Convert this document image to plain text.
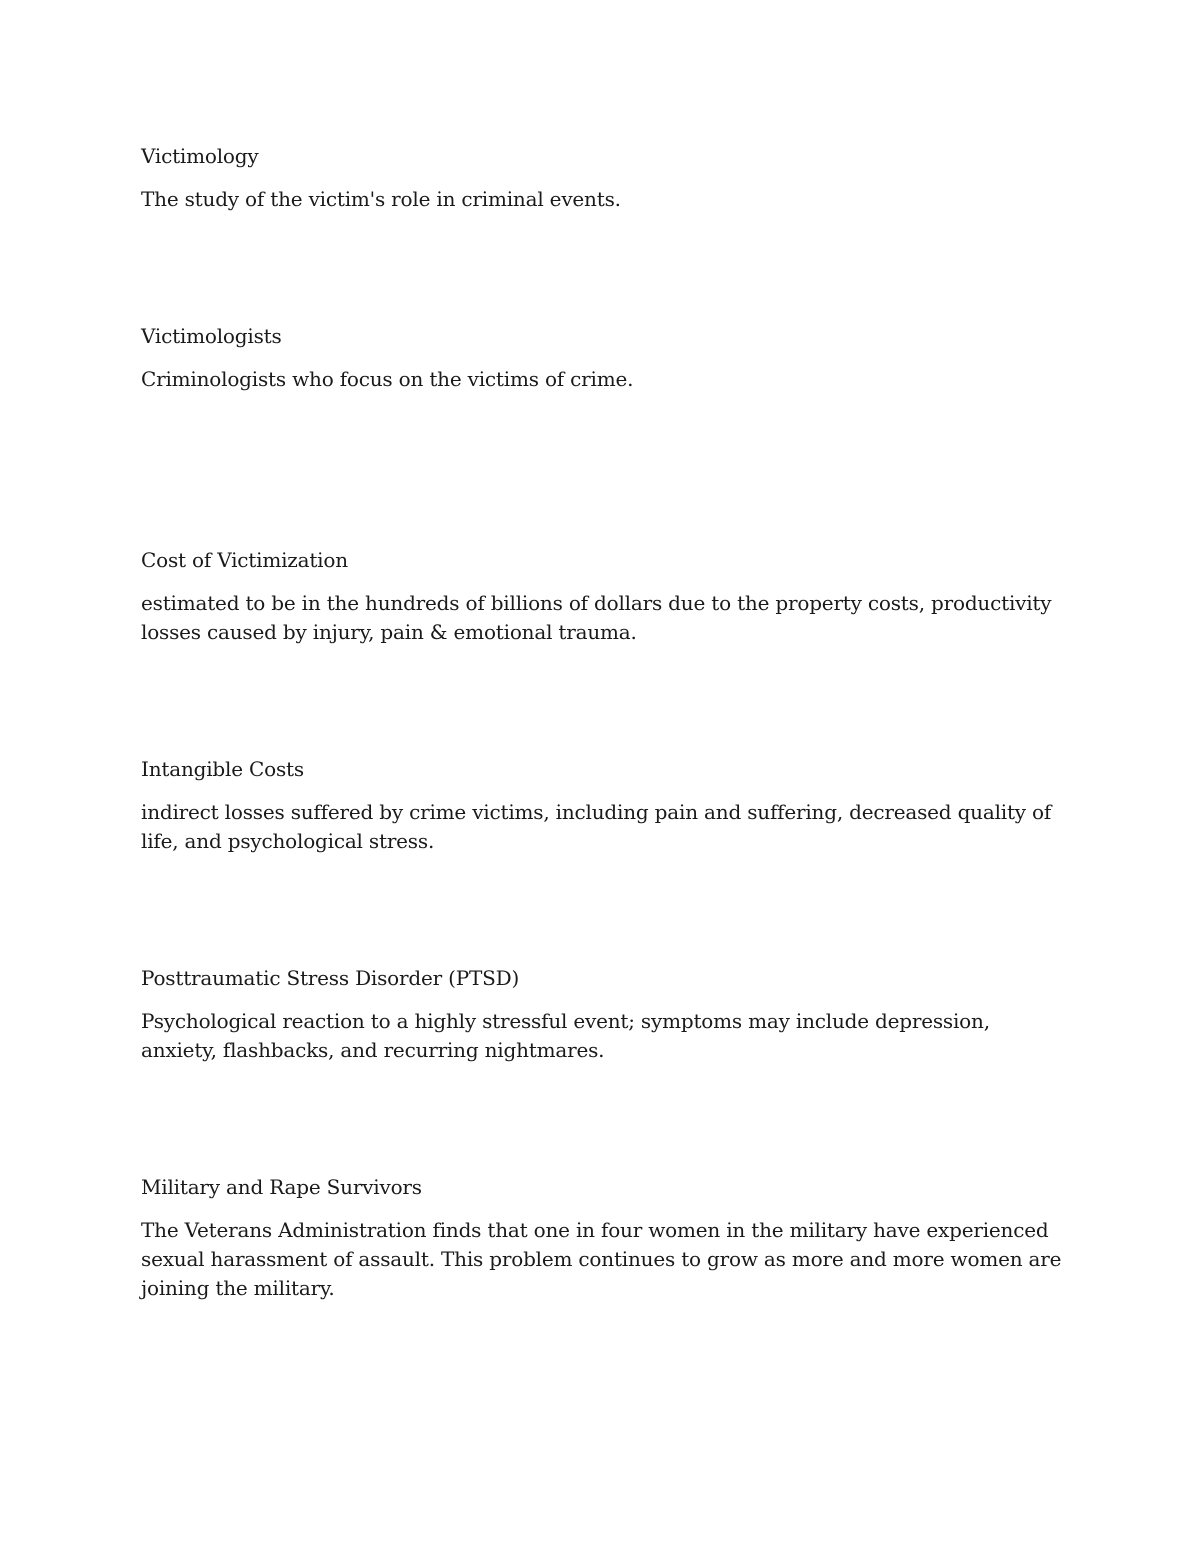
Victimology

The study of the victim's role in criminal events.

Victimologists

Criminologists who focus on the victims of crime.

Cost of Victimization

estimated to be in the hundreds of billions of dollars due to the property costs, productivity losses caused by injury, pain & emotional trauma.

Intangible Costs

indirect losses suffered by crime victims, including pain and suffering, decreased quality of life, and psychological stress.

Posttraumatic Stress Disorder (PTSD)

Psychological reaction to a highly stressful event; symptoms may include depression, anxiety, flashbacks, and recurring nightmares.

Military and Rape Survivors

The Veterans Administration finds that one in four women in the military have experienced sexual harassment of assault. This problem continues to grow as more and more women are joining the military.
